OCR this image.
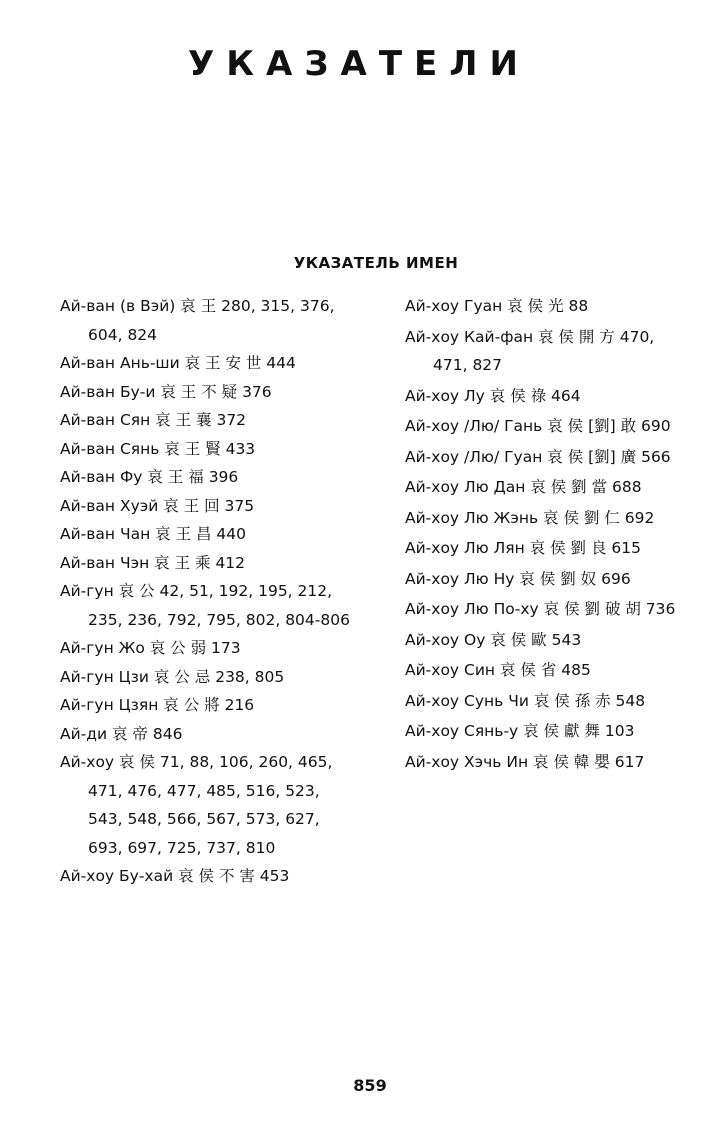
УКАЗАТЕЛИ
УКАЗАТЕЛЬ ИМЕН
Ай-ван (в Вэй) 哀 王 280, 315, 376, 604, 824
Ай-ван Ань-ши 哀 王 安 世 444
Ай-ван Бу-и 哀 王 不 疑 376
Ай-ван Сян 哀 王 襄 372
Ай-ван Сянь 哀 王 賢 433
Ай-ван Фу 哀 王 福 396
Ай-ван Хуэй 哀 王 回 375
Ай-ван Чан 哀 王 昌 440
Ай-ван Чэн 哀 王 乘 412
Ай-гун 哀 公 42, 51, 192, 195, 212, 235, 236, 792, 795, 802, 804-806
Ай-гун Жо 哀 公 弱 173
Ай-гун Цзи 哀 公 忌 238, 805
Ай-гун Цзян 哀 公 將 216
Ай-ди 哀 帝 846
Ай-хоу 哀 侯 71, 88, 106, 260, 465, 471, 476, 477, 485, 516, 523, 543, 548, 566, 567, 573, 627, 693, 697, 725, 737, 810
Ай-хоу Бу-хай 哀 侯 不 害 453
Ай-хоу Гуан 哀 侯 光 88
Ай-хоу Кай-фан 哀 侯 開 方 470, 471, 827
Ай-хоу Лу 哀 侯 祿 464
Ай-хоу /Лю/ Гань 哀 侯 [劉] 敢 690
Ай-хоу /Лю/ Гуан 哀 侯 [劉] 廣 566
Ай-хоу Лю Дан 哀 侯 劉 當 688
Ай-хоу Лю Жэнь 哀 侯 劉 仁 692
Ай-хоу Лю Лян 哀 侯 劉 良 615
Ай-хоу Лю Ну 哀 侯 劉 奴 696
Ай-хоу Лю По-ху 哀 侯 劉 破 胡 736
Ай-хоу Оу 哀 侯 歐 543
Ай-хоу Син 哀 侯 省 485
Ай-хоу Сунь Чи 哀 侯 孫 赤 548
Ай-хоу Сянь-у 哀 侯 獻 舞 103
Ай-хоу Хэчь Ин 哀 侯 韓 嬰 617
859
